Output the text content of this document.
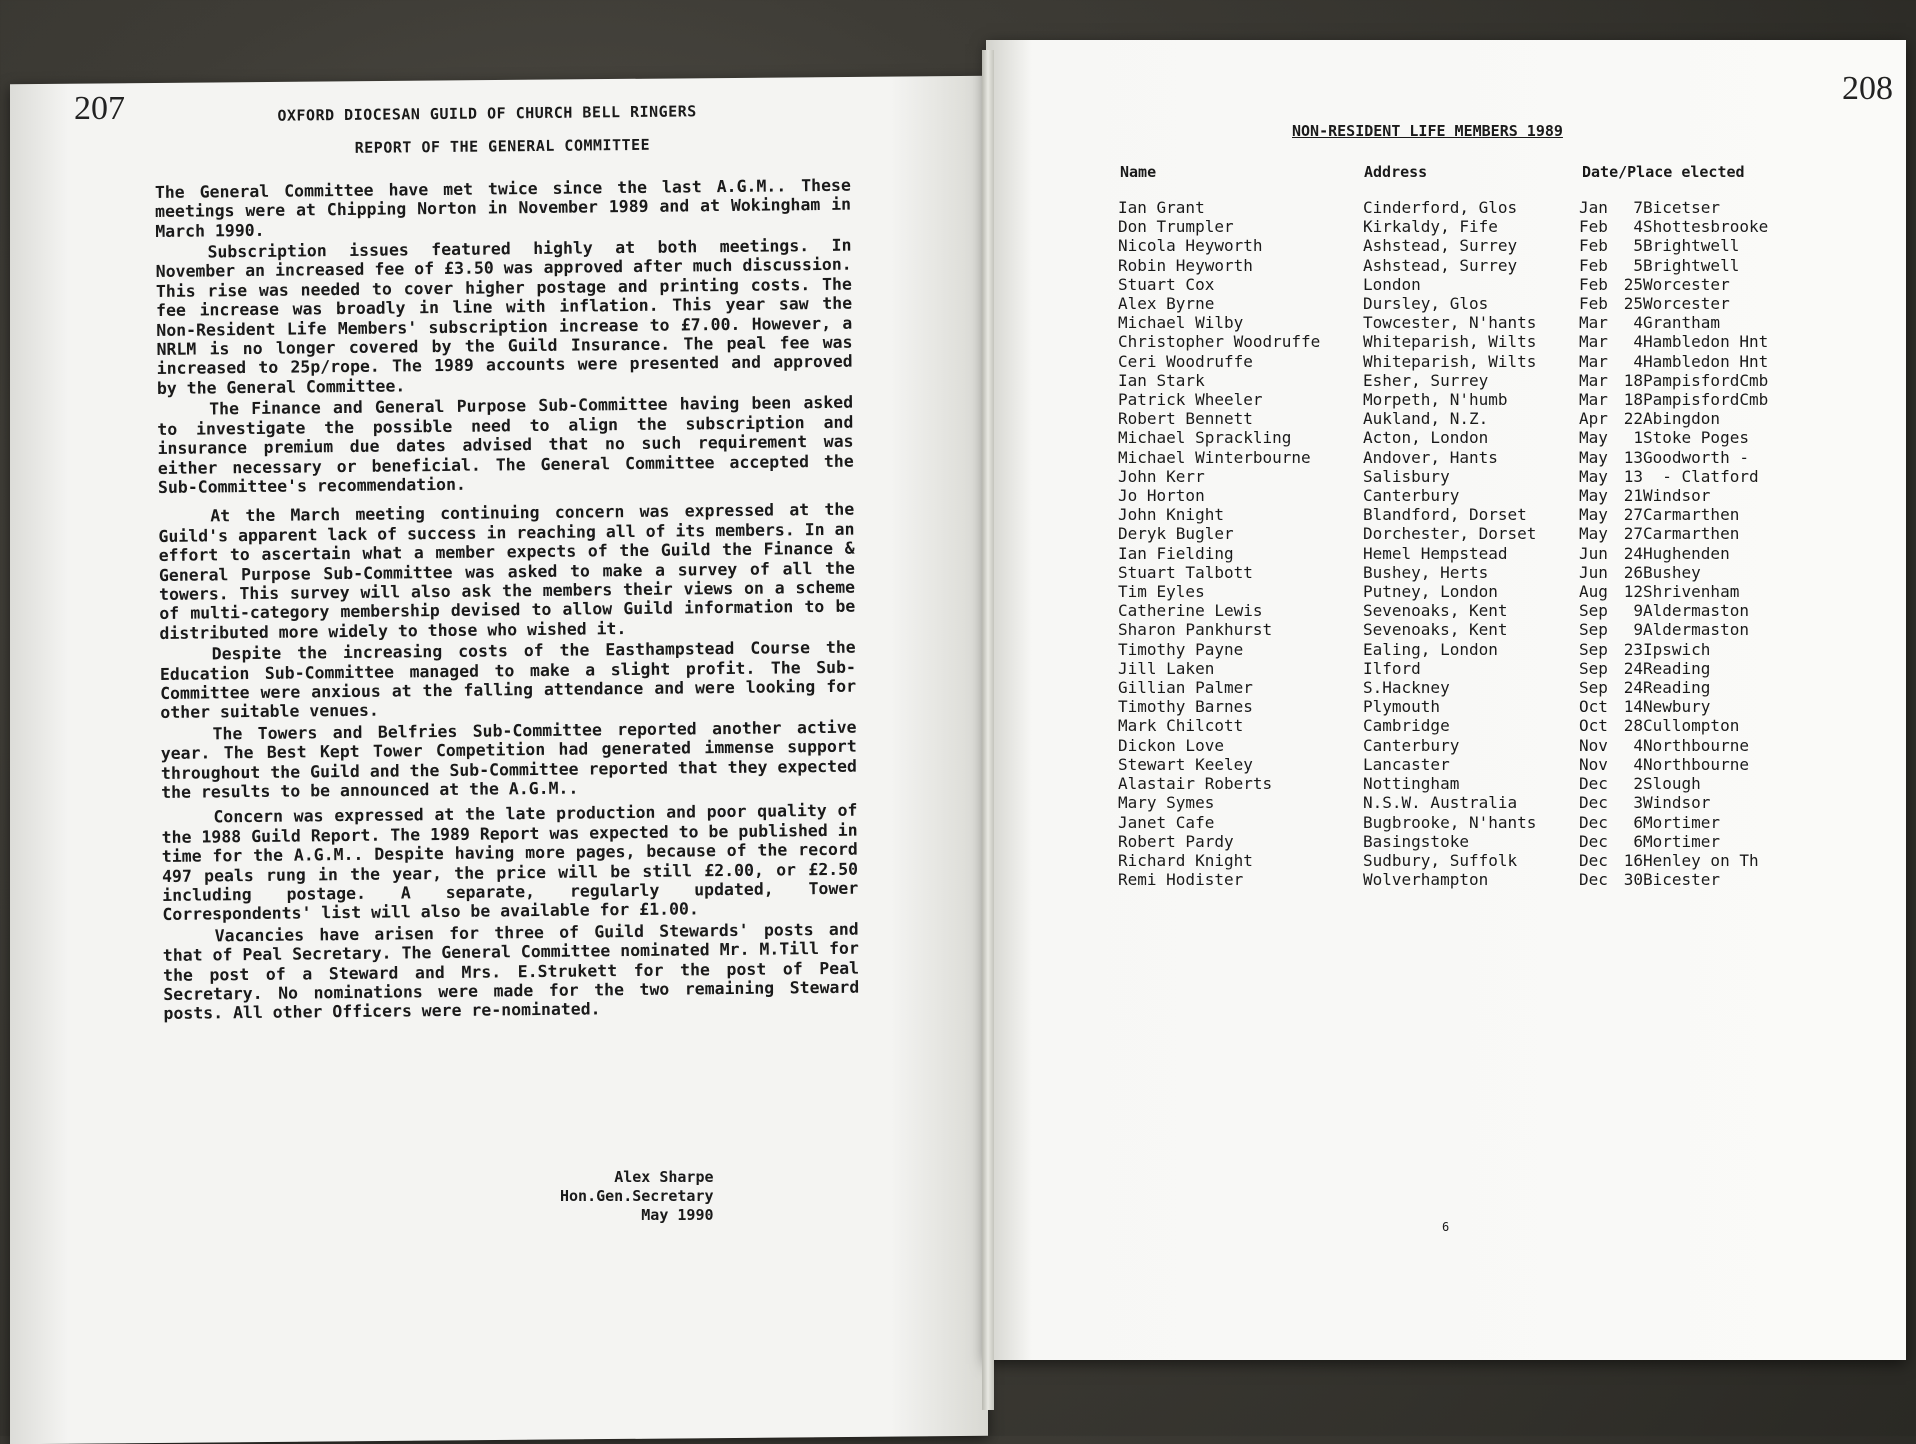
207	OXFORD DIOCESAN GUILD OF CHURCH BELL RINGERS

REPORT OF THE GENERAL COMMITTEE

The General Committee have met twice since the last A.G.M.. These meetings were at Chipping Norton in November 1989 and at Wokingham in March 1990.

Subscription issues featured highly at both meetings. In November an increased fee of £3.50 was approved after much discussion. This rise was needed to cover higher postage and printing costs. The fee increase was broadly in line with inflation. This year saw the Non-Resident Life Members' subscription increase to £7.00. However, a NRLM is no longer covered by the Guild Insurance. The peal fee was increased to 25p/rope. The 1989 accounts were presented and approved by the General Committee.

The Finance and General Purpose Sub-Committee having been asked to investigate the possible need to align the subscription and insurance premium due dates advised that no such requirement was either necessary or beneficial. The General Committee accepted the Sub-Committee's recommendation.

At the March meeting continuing concern was expressed at the Guild's apparent lack of success in reaching all of its members. In an effort to ascertain what a member expects of the Guild the Finance & General Purpose Sub-Committee was asked to make a survey of all the towers. This survey will also ask the members their views on a scheme of multi-category membership devised to allow Guild information to be distributed more widely to those who wished it.

Despite the increasing costs of the Easthampstead Course the Education Sub-Committee managed to make a slight profit. The Sub-Committee were anxious at the falling attendance and were looking for other suitable venues.

The Towers and Belfries Sub-Committee reported another active year. The Best Kept Tower Competition had generated immense support throughout the Guild and the Sub-Committee reported that they expected the results to be announced at the A.G.M..

Concern was expressed at the late production and poor quality of the 1988 Guild Report. The 1989 Report was expected to be published in time for the A.G.M.. Despite having more pages, because of the record 497 peals rung in the year, the price will be still £2.00, or £2.50 including postage. A separate, regularly updated, Tower Correspondents' list will also be available for £1.00.

Vacancies have arisen for three of Guild Stewards' posts and that of Peal Secretary. The General Committee nominated Mr. M.Till for the post of a Steward and Mrs. E.Strukett for the post of Peal Secretary. No nominations were made for the two remaining Steward posts. All other Officers were re-nominated.

Alex Sharpe
Hon.Gen.Secretary
May 1990
208
NON-RESIDENT LIFE MEMBERS 1989
Name	Address	Date/Place elected
Ian Grant	Cinderford, Glos	Jan	7	Bicetser
Don Trumpler	Kirkaldy, Fife	Feb	4	Shottesbrooke
Nicola Heyworth	Ashstead, Surrey	Feb	5	Brightwell
Robin Heyworth	Ashstead, Surrey	Feb	5	Brightwell
Stuart Cox	London	Feb	25	Worcester
Alex Byrne	Dursley, Glos	Feb	25	Worcester
Michael Wilby	Towcester, N'hants	Mar	4	Grantham
Christopher Woodruffe	Whiteparish, Wilts	Mar	4	Hambledon Hnt
Ceri Woodruffe	Whiteparish, Wilts	Mar	4	Hambledon Hnt
Ian Stark	Esher, Surrey	Mar	18	PampisfordCmb
Patrick Wheeler	Morpeth, N'humb	Mar	18	PampisfordCmb
Robert Bennett	Aukland, N.Z.	Apr	22	Abingdon
Michael Sprackling	Acton, London	May	1	Stoke Poges
Michael Winterbourne	Andover, Hants	May	13	Goodworth -
John Kerr	Salisbury	May	13	- Clatford
Jo Horton	Canterbury	May	21	Windsor
John Knight	Blandford, Dorset	May	27	Carmarthen
Deryk Bugler	Dorchester, Dorset	May	27	Carmarthen
Ian Fielding	Hemel Hempstead	Jun	24	Hughenden
Stuart Talbott	Bushey, Herts	Jun	26	Bushey
Tim Eyles	Putney, London	Aug	12	Shrivenham
Catherine Lewis	Sevenoaks, Kent	Sep	9	Aldermaston
Sharon Pankhurst	Sevenoaks, Kent	Sep	9	Aldermaston
Timothy Payne	Ealing, London	Sep	23	Ipswich
Jill Laken	Ilford	Sep	24	Reading
Gillian Palmer	S.Hackney	Sep	24	Reading
Timothy Barnes	Plymouth	Oct	14	Newbury
Mark Chilcott	Cambridge	Oct	28	Cullompton
Dickon Love	Canterbury	Nov	4	Northbourne
Stewart Keeley	Lancaster	Nov	4	Northbourne
Alastair Roberts	Nottingham	Dec	2	Slough
Mary Symes	N.S.W. Australia	Dec	3	Windsor
Janet Cafe	Bugbrooke, N'hants	Dec	6	Mortimer
Robert Pardy	Basingstoke	Dec	6	Mortimer
Richard Knight	Sudbury, Suffolk	Dec	16	Henley on Th
Remi Hodister	Wolverhampton	Dec	30	Bicester
6
